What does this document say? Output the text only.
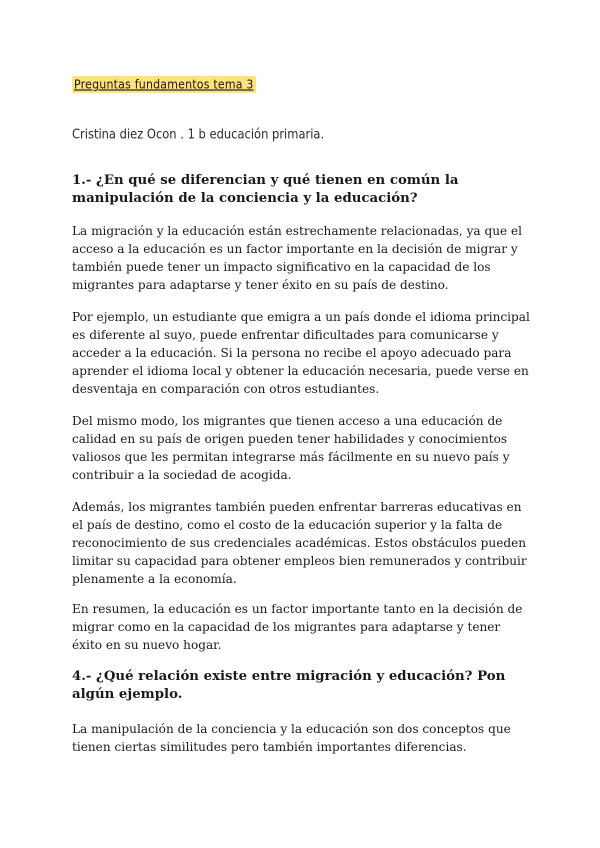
Preguntas fundamentos tema 3

Cristina diez Ocon . 1 b educación primaria.

1.- ¿En qué se diferencian y qué tienen en común la manipulación de la conciencia y la educación?

La migración y la educación están estrechamente relacionadas, ya que el acceso a la educación es un factor importante en la decisión de migrar y también puede tener un impacto significativo en la capacidad de los migrantes para adaptarse y tener éxito en su país de destino.

Por ejemplo, un estudiante que emigra a un país donde el idioma principal es diferente al suyo, puede enfrentar dificultades para comunicarse y acceder a la educación. Si la persona no recibe el apoyo adecuado para aprender el idioma local y obtener la educación necesaria, puede verse en desventaja en comparación con otros estudiantes.

Del mismo modo, los migrantes que tienen acceso a una educación de calidad en su país de origen pueden tener habilidades y conocimientos valiosos que les permitan integrarse más fácilmente en su nuevo país y contribuir a la sociedad de acogida.

Además, los migrantes también pueden enfrentar barreras educativas en el país de destino, como el costo de la educación superior y la falta de reconocimiento de sus credenciales académicas. Estos obstáculos pueden limitar su capacidad para obtener empleos bien remunerados y contribuir plenamente a la economía.

En resumen, la educación es un factor importante tanto en la decisión de migrar como en la capacidad de los migrantes para adaptarse y tener éxito en su nuevo hogar.

4.- ¿Qué relación existe entre migración y educación? Pon algún ejemplo.

La manipulación de la conciencia y la educación son dos conceptos que tienen ciertas similitudes pero también importantes diferencias.
